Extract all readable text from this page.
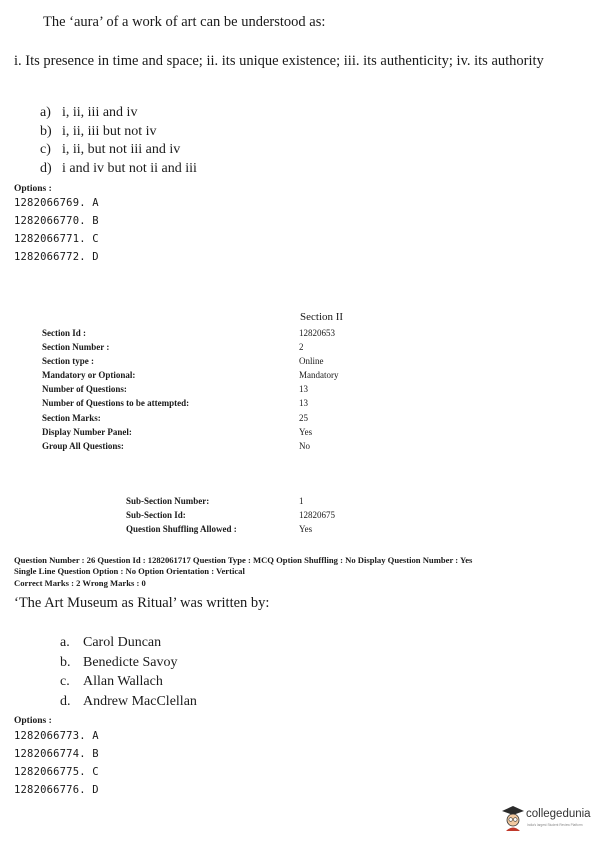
The ‘aura’ of a work of art can be understood as:
i. Its presence in time and space; ii. its unique existence; iii. its authenticity; iv. its authority
a) i, ii, iii and iv
b) i, ii, iii but not iv
c) i, ii, but not iii and iv
d) i and iv but not ii and iii
Options :
1282066769. A
1282066770. B
1282066771. C
1282066772. D
Section II
Section Id :	12820653
Section Number :	2
Section type :	Online
Mandatory or Optional:	Mandatory
Number of Questions:	13
Number of Questions to be attempted:	13
Section Marks:	25
Display Number Panel:	Yes
Group All Questions:	No
Sub-Section Number:	1
Sub-Section Id:	12820675
Question Shuffling Allowed :	Yes
Question Number : 26 Question Id : 1282061717 Question Type : MCQ Option Shuffling : No Display Question Number : Yes
Single Line Question Option : No Option Orientation : Vertical
Correct Marks : 2 Wrong Marks : 0
‘The Art Museum as Ritual’ was written by:
a. Carol Duncan
b. Benedicte Savoy
c. Allan Wallach
d. Andrew MacClellan
Options :
1282066773. A
1282066774. B
1282066775. C
1282066776. D
collegedunia
India's largest Student Review Platform
